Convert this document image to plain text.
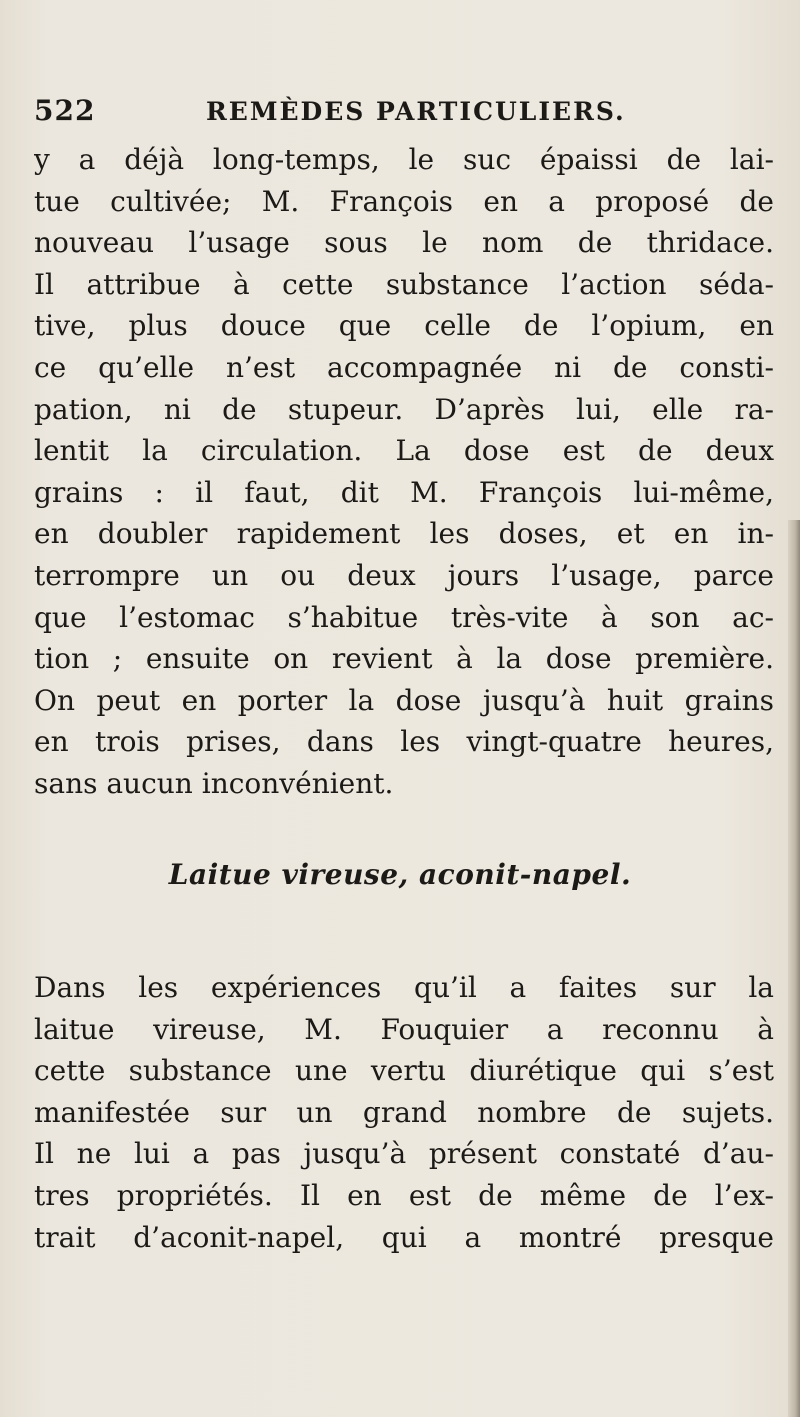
522	REMÈDES PARTICULIERS.
y a déjà long-temps, le suc épaissi de lai-
tue cultivée; M. François en a proposé de
nouveau l’usage sous le nom de thridace.
Il attribue à cette substance l’action séda-
tive, plus douce que celle de l’opium, en
ce qu’elle n’est accompagnée ni de consti-
pation, ni de stupeur. D’après lui, elle ra-
lentit la circulation. La dose est de deux
grains : il faut, dit M. François lui-même,
en doubler rapidement les doses, et en in-
terrompre un ou deux jours l’usage, parce
que l’estomac s’habitue très-vite à son ac-
tion ; ensuite on revient à la dose première.
On peut en porter la dose jusqu’à huit grains
en trois prises, dans les vingt-quatre heures,
sans aucun inconvénient.
Laitue vireuse, aconit-napel.
Dans les expériences qu’il a faites sur la
laitue vireuse, M. Fouquier a reconnu à
cette substance une vertu diurétique qui s’est
manifestée sur un grand nombre de sujets.
Il ne lui a pas jusqu’à présent constaté d’au-
tres propriétés. Il en est de même de l’ex-
trait d’aconit-napel, qui a montré presque
